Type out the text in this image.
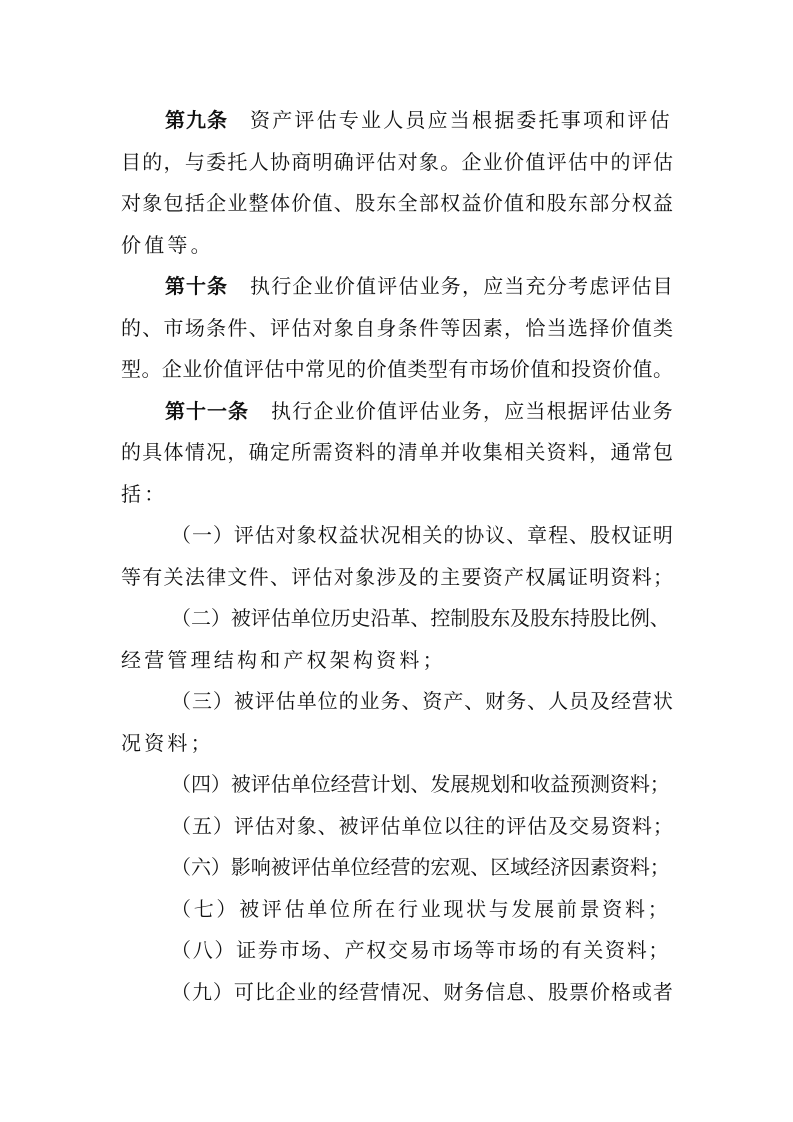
第九条 资产评估专业人员应当根据委托事项和评估
目的，与委托人协商明确评估对象。企业价值评估中的评估
对象包括企业整体价值、股东全部权益价值和股东部分权益
价值等。
第十条 执行企业价值评估业务，应当充分考虑评估目
的、市场条件、评估对象自身条件等因素，恰当选择价值类
型。企业价值评估中常见的价值类型有市场价值和投资价值。
第十一条 执行企业价值评估业务，应当根据评估业务
的具体情况，确定所需资料的清单并收集相关资料，通常包
括：
（一）评估对象权益状况相关的协议、章程、股权证明
等有关法律文件、评估对象涉及的主要资产权属证明资料；
（二）被评估单位历史沿革、控制股东及股东持股比例、
经营管理结构和产权架构资料；
（三）被评估单位的业务、资产、财务、人员及经营状
况资料；
（四）被评估单位经营计划、发展规划和收益预测资料；
（五）评估对象、被评估单位以往的评估及交易资料；
（六）影响被评估单位经营的宏观、区域经济因素资料；
（七）被评估单位所在行业现状与发展前景资料；
（八）证券市场、产权交易市场等市场的有关资料；
（九）可比企业的经营情况、财务信息、股票价格或者
